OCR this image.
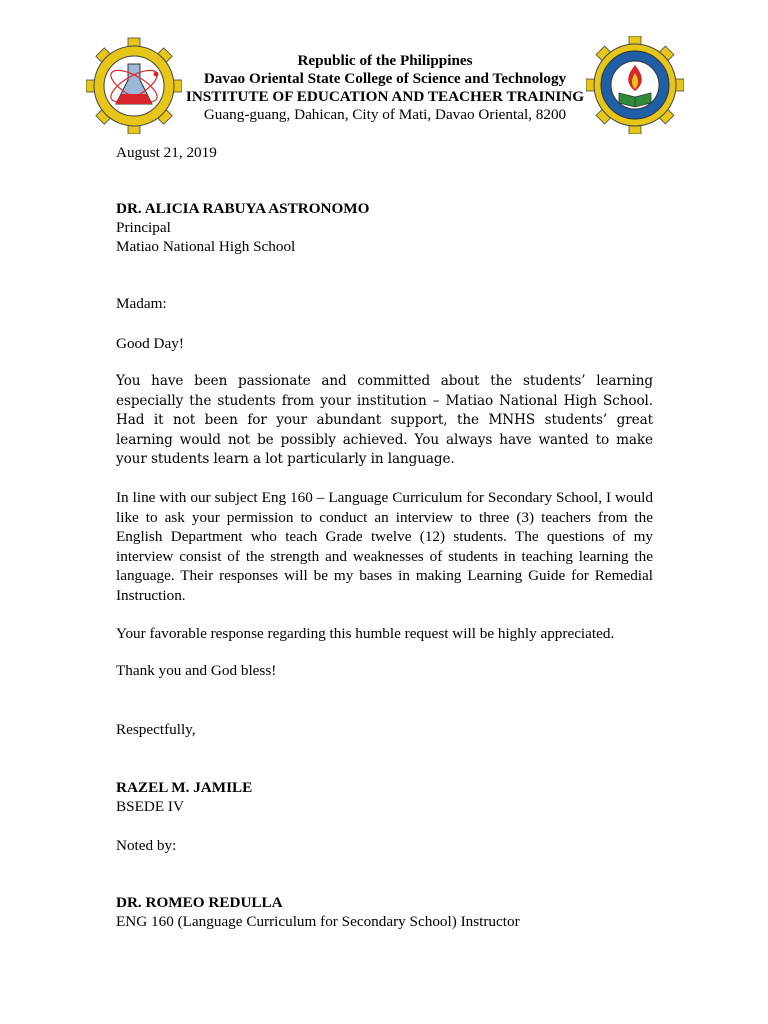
Republic of the Philippines
Davao Oriental State College of Science and Technology
INSTITUTE OF EDUCATION AND TEACHER TRAINING
Guang-guang, Dahican, City of Mati, Davao Oriental, 8200
August 21, 2019
DR. ALICIA RABUYA ASTRONOMO
Principal
Matiao National High School
Madam:
Good Day!
You have been passionate and committed about the students’ learning especially the students from your institution – Matiao National High School. Had it not been for your abundant support, the MNHS students’ great learning would not be possibly achieved. You always have wanted to make your students learn a lot particularly in language.
In line with our subject Eng 160 – Language Curriculum for Secondary School, I would like to ask your permission to conduct an interview to three (3) teachers from the English Department who teach Grade twelve (12) students. The questions of my interview consist of the strength and weaknesses of students in teaching learning the language. Their responses will be my bases in making Learning Guide for Remedial Instruction.
Your favorable response regarding this humble request will be highly appreciated.
Thank you and God bless!
Respectfully,
RAZEL M. JAMILE
BSEDE IV
Noted by:
DR. ROMEO REDULLA
ENG 160 (Language Curriculum for Secondary School) Instructor
